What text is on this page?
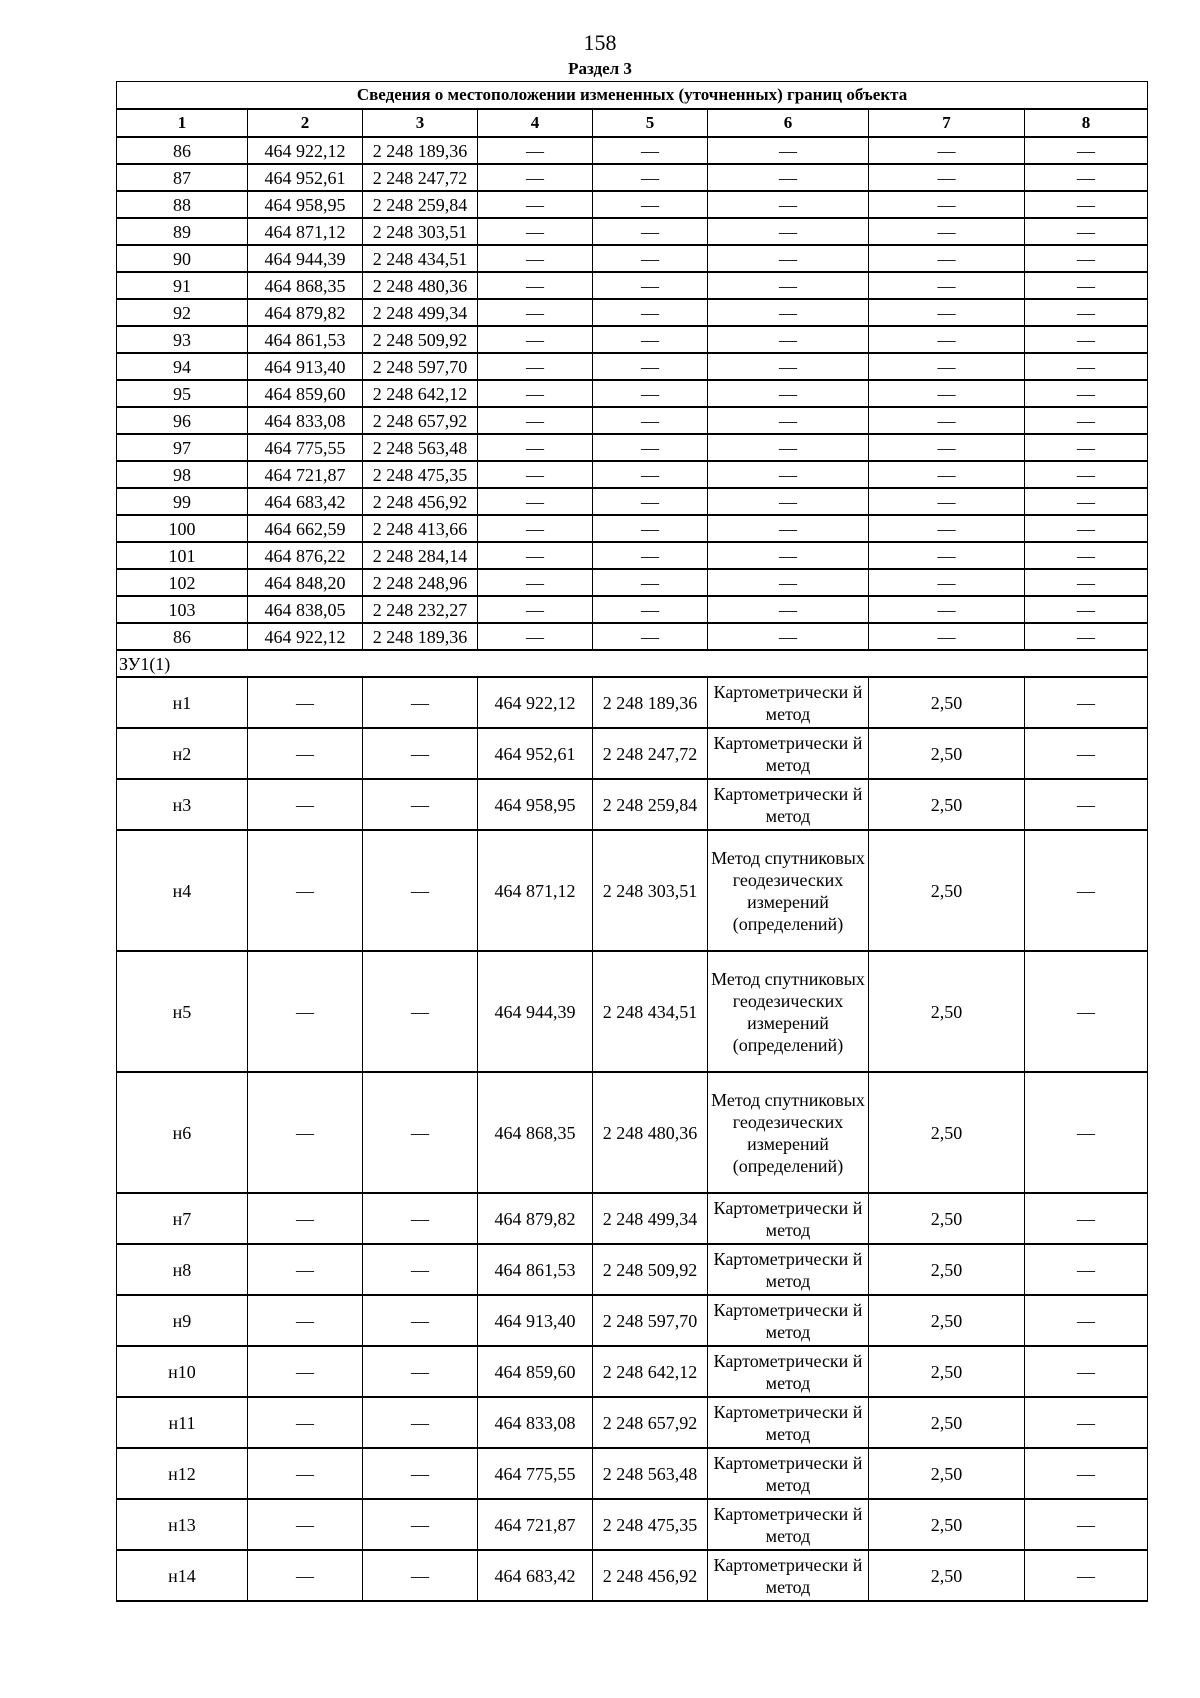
158
Раздел 3
Сведения о местоположении измененных (уточненных) границ объекта							
1	2	3	4	5	6	7	8
86	464 922,12	2 248 189,36	—	—	—	—	—
87	464 952,61	2 248 247,72	—	—	—	—	—
88	464 958,95	2 248 259,84	—	—	—	—	—
89	464 871,12	2 248 303,51	—	—	—	—	—
90	464 944,39	2 248 434,51	—	—	—	—	—
91	464 868,35	2 248 480,36	—	—	—	—	—
92	464 879,82	2 248 499,34	—	—	—	—	—
93	464 861,53	2 248 509,92	—	—	—	—	—
94	464 913,40	2 248 597,70	—	—	—	—	—
95	464 859,60	2 248 642,12	—	—	—	—	—
96	464 833,08	2 248 657,92	—	—	—	—	—
97	464 775,55	2 248 563,48	—	—	—	—	—
98	464 721,87	2 248 475,35	—	—	—	—	—
99	464 683,42	2 248 456,92	—	—	—	—	—
100	464 662,59	2 248 413,66	—	—	—	—	—
101	464 876,22	2 248 284,14	—	—	—	—	—
102	464 848,20	2 248 248,96	—	—	—	—	—
103	464 838,05	2 248 232,27	—	—	—	—	—
86	464 922,12	2 248 189,36	—	—	—	—	—
ЗУ1(1)							
н1	—	—	464 922,12	2 248 189,36	Картометрическ⁠и й метод	2,50	—
н2	—	—	464 952,61	2 248 247,72	Картометрическ⁠и й метод	2,50	—
н3	—	—	464 958,95	2 248 259,84	Картометрическ⁠и й метод	2,50	—
н4	—	—	464 871,12	2 248 303,51	Метод спутниковых геодезических измерений (определений)	2,50	—
н5	—	—	464 944,39	2 248 434,51	Метод спутниковых геодезических измерений (определений)	2,50	—
н6	—	—	464 868,35	2 248 480,36	Метод спутниковых геодезических измерений (определений)	2,50	—
н7	—	—	464 879,82	2 248 499,34	Картометрическ⁠и й метод	2,50	—
н8	—	—	464 861,53	2 248 509,92	Картометрическ⁠и й метод	2,50	—
н9	—	—	464 913,40	2 248 597,70	Картометрическ⁠и й метод	2,50	—
н10	—	—	464 859,60	2 248 642,12	Картометрическ⁠и й метод	2,50	—
н11	—	—	464 833,08	2 248 657,92	Картометрическ⁠и й метод	2,50	—
н12	—	—	464 775,55	2 248 563,48	Картометрическ⁠и й метод	2,50	—
н13	—	—	464 721,87	2 248 475,35	Картометрическ⁠и й метод	2,50	—
н14	—	—	464 683,42	2 248 456,92	Картометрическ⁠и й метод	2,50	—
